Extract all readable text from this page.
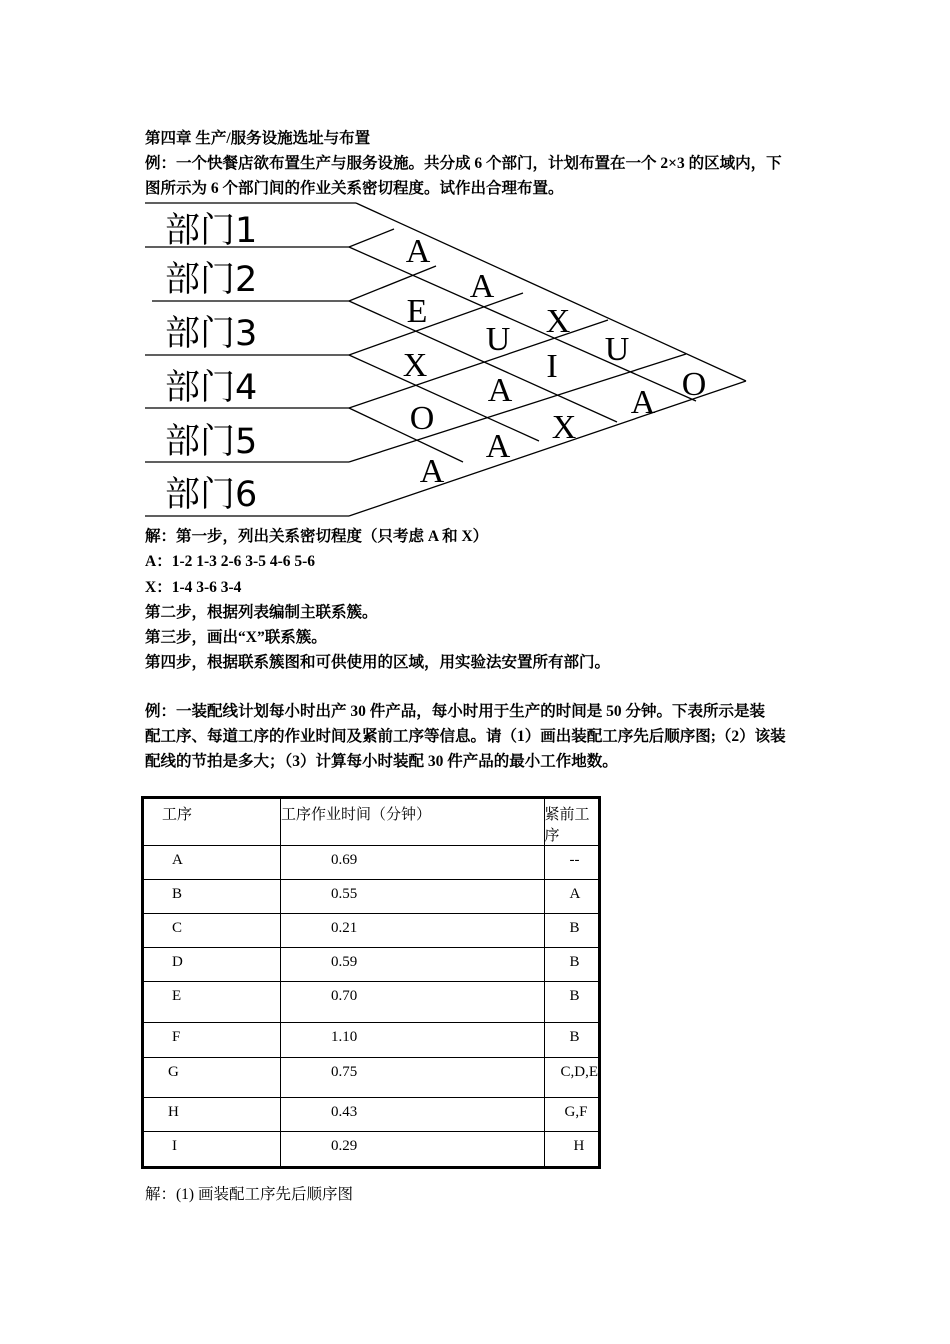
第四章 生产/服务设施选址与布置
例：一个快餐店欲布置生产与服务设施。共分成 6 个部门，计划布置在一个 2×3 的区域内，下
图所示为 6 个部门间的作业关系密切程度。试作出合理布置。
部门1
部门2
部门3
部门4
部门5
部门6
A
A
X
U
O
E
U
I
A
X
A
X
O
A
A
解：第一步，列出关系密切程度（只考虑 A 和 X）
A：1-2 1-3 2-6 3-5 4-6 5-6
X：1-4 3-6 3-4
第二步，根据列表编制主联系簇。
第三步，画出“X”联系簇。
第四步，根据联系簇图和可供使用的区域，用实验法安置所有部门。
例：一装配线计划每小时出产 30 件产品，每小时用于生产的时间是 50 分钟。下表所示是装
配工序、每道工序的作业时间及紧前工序等信息。请（1）画出装配工序先后顺序图;（2）该装
配线的节拍是多大；（3）计算每小时装配 30 件产品的最小工作地数。
工序	工序作业时间（分钟）	紧前工序
A	0.69	--
B	0.55	A
C	0.21	B
D	0.59	B
E	0.70	B
F	1.10	B
G	0.75	C,D,E
H	0.43	G,F
I	0.29	H
解：(1) 画装配工序先后顺序图
